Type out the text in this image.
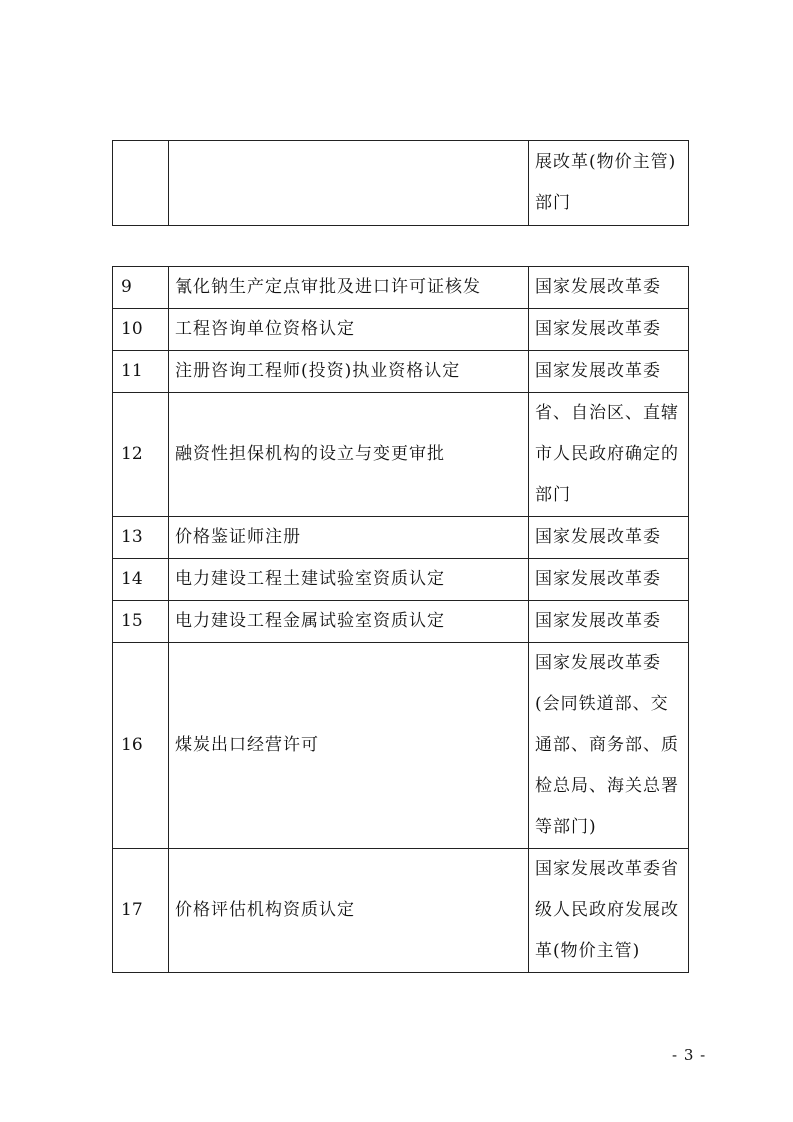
		展改革(物价主管)部门
9	氰化钠生产定点审批及进口许可证核发	国家发展改革委
10	工程咨询单位资格认定	国家发展改革委
11	注册咨询工程师(投资)执业资格认定	国家发展改革委
12	融资性担保机构的设立与变更审批	省、自治区、直辖市人民政府确定的部门
13	价格鉴证师注册	国家发展改革委
14	电力建设工程土建试验室资质认定	国家发展改革委
15	电力建设工程金属试验室资质认定	国家发展改革委
16	煤炭出口经营许可	国家发展改革委(会同铁道部、交通部、商务部、质检总局、海关总署等部门)
17	价格评估机构资质认定	国家发展改革委省级人民政府发展改革(物价主管)
- 3 -
